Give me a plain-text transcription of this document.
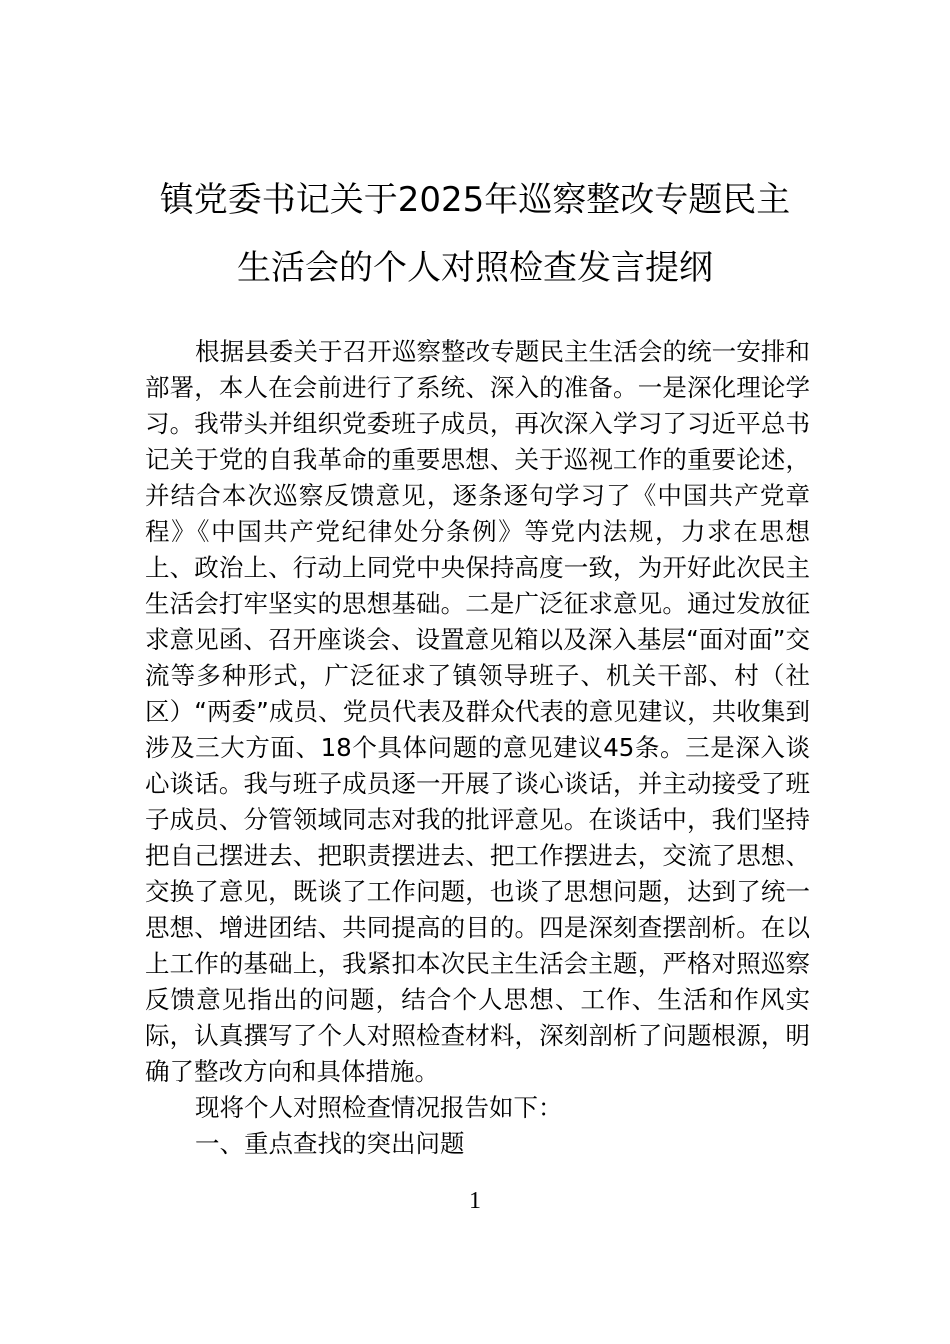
镇党委书记关于2025年巡察整改专题民主
生活会的个人对照检查发言提纲

根据县委关于召开巡察整改专题民主生活会的统一安排和部署，本人在会前进行了系统、深入的准备。一是深化理论学习。我带头并组织党委班子成员，再次深入学习了习近平总书记关于党的自我革命的重要思想、关于巡视工作的重要论述，并结合本次巡察反馈意见，逐条逐句学习了《中国共产党章程》《中国共产党纪律处分条例》等党内法规，力求在思想上、政治上、行动上同党中央保持高度一致，为开好此次民主生活会打牢坚实的思想基础。二是广泛征求意见。通过发放征求意见函、召开座谈会、设置意见箱以及深入基层“面对面”交流等多种形式，广泛征求了镇领导班子、机关干部、村（社区）“两委”成员、党员代表及群众代表的意见建议，共收集到涉及三大方面、18个具体问题的意见建议45条。三是深入谈心谈话。我与班子成员逐一开展了谈心谈话，并主动接受了班子成员、分管领域同志对我的批评意见。在谈话中，我们坚持把自己摆进去、把职责摆进去、把工作摆进去，交流了思想、交换了意见，既谈了工作问题，也谈了思想问题，达到了统一思想、增进团结、共同提高的目的。四是深刻查摆剖析。在以上工作的基础上，我紧扣本次民主生活会主题，严格对照巡察反馈意见指出的问题，结合个人思想、工作、生活和作风实际，认真撰写了个人对照检查材料，深刻剖析了问题根源，明确了整改方向和具体措施。

现将个人对照检查情况报告如下：

一、重点查找的突出问题

1
